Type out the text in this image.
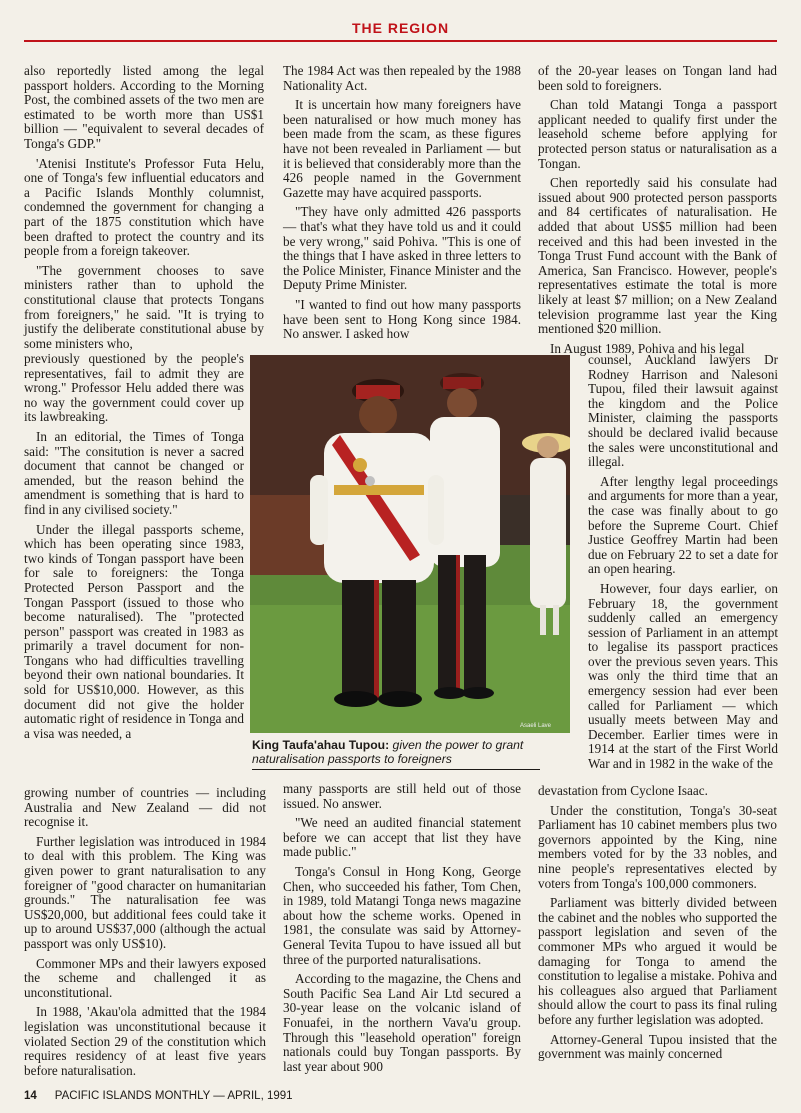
THE REGION

also reportedly listed among the legal passport holders. According to the Morning Post, the combined assets of the two men are estimated to be worth more than US$1 billion — "equivalent to several decades of Tonga's GDP."

'Atenisi Institute's Professor Futa Helu, one of Tonga's few influential educators and a Pacific Islands Monthly columnist, condemned the government for changing a part of the 1875 constitution which have been drafted to protect the country and its people from a foreign takeover.

"The government chooses to save ministers rather than to uphold the constitutional clause that protects Tongans from foreigners," he said. "It is trying to justify the deliberate constitutional abuse by some ministers who,

previously questioned by the people's representatives, fail to admit they are wrong." Professor Helu added there was no way the government could cover up its lawbreaking.

In an editorial, the Times of Tonga said: "The consitution is never a sacred document that cannot be changed or amended, but the reason behind the amendment is something that is hard to find in any civilised society."

Under the illegal passports scheme, which has been operating since 1983, two kinds of Tongan passport have been for sale to foreigners: the Tonga Protected Person Passport and the Tongan Passport (issued to those who become naturalised). The "protected person" passport was created in 1983 as primarily a travel document for non-Tongans who had difficulties travelling beyond their own national boundaries. It sold for US$10,000. However, as this document did not give the holder automatic right of residence in Tonga and a visa was needed, a

growing number of countries — including Australia and New Zealand — did not recognise it.

Further legislation was introduced in 1984 to deal with this problem. The King was given power to grant naturalisation to any foreigner of "good character on humanitarian grounds." The naturalisation fee was US$20,000, but additional fees could take it up to around US$37,000 (although the actual passport was only US$10).

Commoner MPs and their lawyers exposed the scheme and challenged it as unconstitutional.

In 1988, 'Akau'ola admitted that the 1984 legislation was unconstitutional because it violated Section 29 of the constitution which requires residency of at least five years before naturalisation.

The 1984 Act was then repealed by the 1988 Nationality Act.

It is uncertain how many foreigners have been naturalised or how much money has been made from the scam, as these figures have not been revealed in Parliament — but it is believed that considerably more than the 426 people named in the Government Gazette may have acquired passports.

"They have only admitted 426 passports — that's what they have told us and it could be very wrong," said Pohiva. "This is one of the things that I have asked in three letters to the Police Minister, Finance Minister and the Deputy Prime Minister.

"I wanted to find out how many passports have been sent to Hong Kong since 1984. No answer. I asked how

Asaeli Lave
King Taufa'ahau Tupou: given the power to grant naturalisation passports to foreigners

many passports are still held out of those issued. No answer.

"We need an audited financial statement before we can accept that list they have made public."

Tonga's Consul in Hong Kong, George Chen, who succeeded his father, Tom Chen, in 1989, told Matangi Tonga news magazine about how the scheme works. Opened in 1981, the consulate was said by Attorney-General Tevita Tupou to have issued all but three of the purported naturalisations.

According to the magazine, the Chens and South Pacific Sea Land Air Ltd secured a 30-year lease on the volcanic island of Fonuafei, in the northern Vava'u group. Through this "leasehold operation" foreign nationals could buy Tongan passports. By last year about 900

of the 20-year leases on Tongan land had been sold to foreigners.

Chan told Matangi Tonga a passport applicant needed to qualify first under the leasehold scheme before applying for protected person status or naturalisation as a Tongan.

Chen reportedly said his consulate had issued about 900 protected person passports and 84 certificates of naturalisation. He added that about US$5 million had been received and this had been invested in the Tonga Trust Fund account with the Bank of America, San Francisco. However, people's representatives estimate the total is more likely at least $7 million; on a New Zealand television programme last year the King mentioned $20 million.

In August 1989, Pohiva and his legal

counsel, Auckland lawyers Dr Rodney Harrison and Nalesoni Tupou, filed their lawsuit against the kingdom and the Police Minister, claiming the passports should be declared ivalid because the sales were unconstitutional and illegal.

After lengthy legal proceedings and arguments for more than a year, the case was finally about to go before the Supreme Court. Chief Justice Geoffrey Martin had been due on February 22 to set a date for an open hearing.

However, four days earlier, on February 18, the government suddenly called an emergency session of Parliament in an attempt to legalise its passport practices over the previous seven years. This was only the third time that an emergency session had ever been called for Parliament — which usually meets between May and December. Earlier times were in 1914 at the start of the First World War and in 1982 in the wake of the

devastation from Cyclone Isaac.

Under the constitution, Tonga's 30-seat Parliament has 10 cabinet members plus two governors appointed by the King, nine members voted for by the 33 nobles, and nine people's representatives elected by voters from Tonga's 100,000 commoners.

Parliament was bitterly divided between the cabinet and the nobles who supported the passport legislation and seven of the commoner MPs who argued it would be damaging for Tonga to amend the constitution to legalise a mistake. Pohiva and his colleagues also argued that Parliament should allow the court to pass its final ruling before any further legislation was adopted.

Attorney-General Tupou insisted that the government was mainly concerned

14 PACIFIC ISLANDS MONTHLY — APRIL, 1991
